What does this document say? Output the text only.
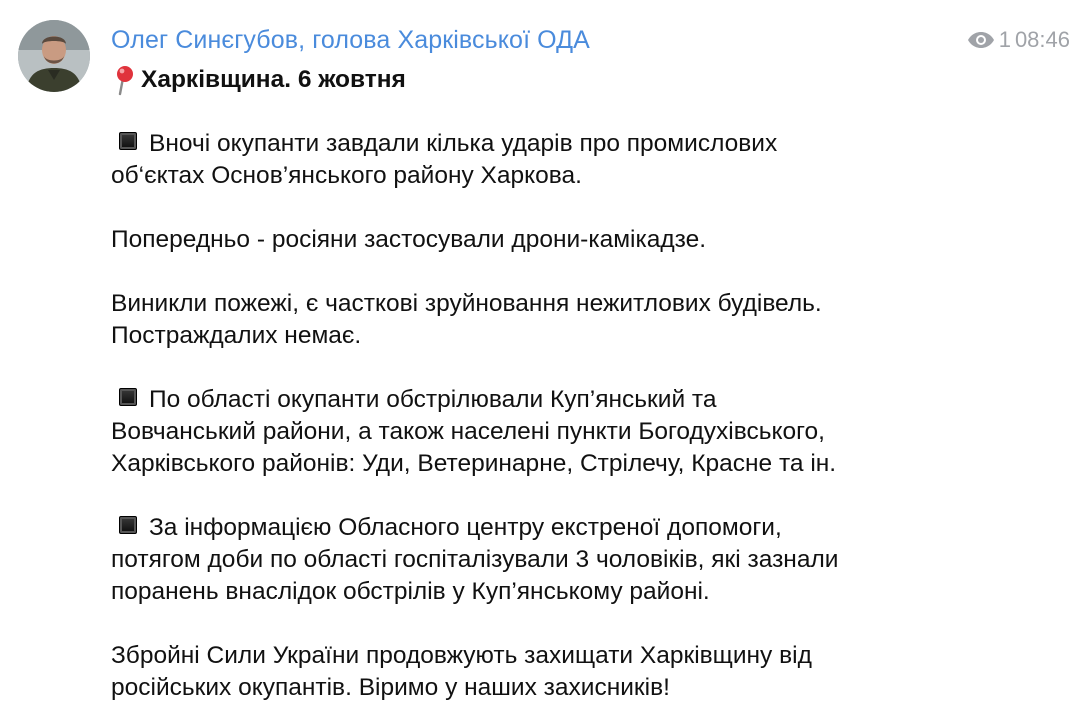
Олег Синєгубов, голова Харківської ОДА	1 08:46

Харківщина. 6 жовтня

Вночі окупанти завдали кілька ударів про промислових
об‘єктах Основ’янського району Харкова.

Попередньо - росіяни застосували дрони-камікадзе.

Виникли пожежі, є часткові зруйновання нежитлових будівель.
Постраждалих немає.

По області окупанти обстрілювали Куп’янський та
Вовчанський райони, а також населені пункти Богодухівського,
Харківського районів: Уди, Ветеринарне, Стрілечу, Красне та ін.

За інформацією Обласного центру екстреної допомоги,
потягом доби по області госпіталізували 3 чоловіків, які зазнали
поранень внаслідок обстрілів у Куп’янському районі.

Збройні Сили України продовжують захищати Харківщину від
російських окупантів. Віримо у наших захисників!
